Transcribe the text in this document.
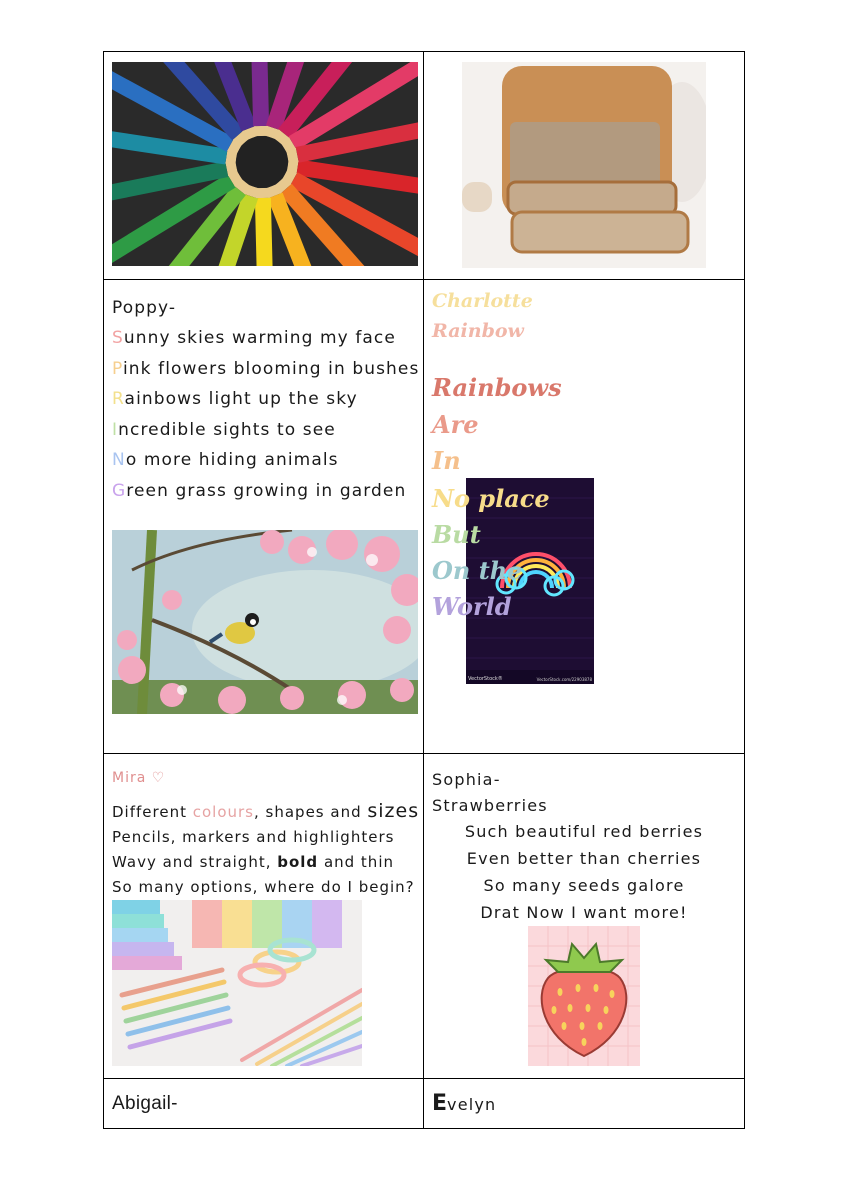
Poppy-
Sunny skies warming my face
Pink flowers blooming in bushes
Rainbows light up the sky
Incredible sights to see
No more hiding animals
Green grass growing in garden
VectorStock®	VectorStock.com/22903878
Charlotte
Rainbow
Rainbows
Are
In
No place
But
On the
World
Mira ♡
Different colours, shapes and sizes
Pencils, markers and highlighters
Wavy and straight, bold and thin
So many options, where do I begin?
Sophia-
Strawberries
Such beautiful red berries
Even better than cherries
So many seeds galore
Drat Now I want more!
Abigail-	Evelyn
